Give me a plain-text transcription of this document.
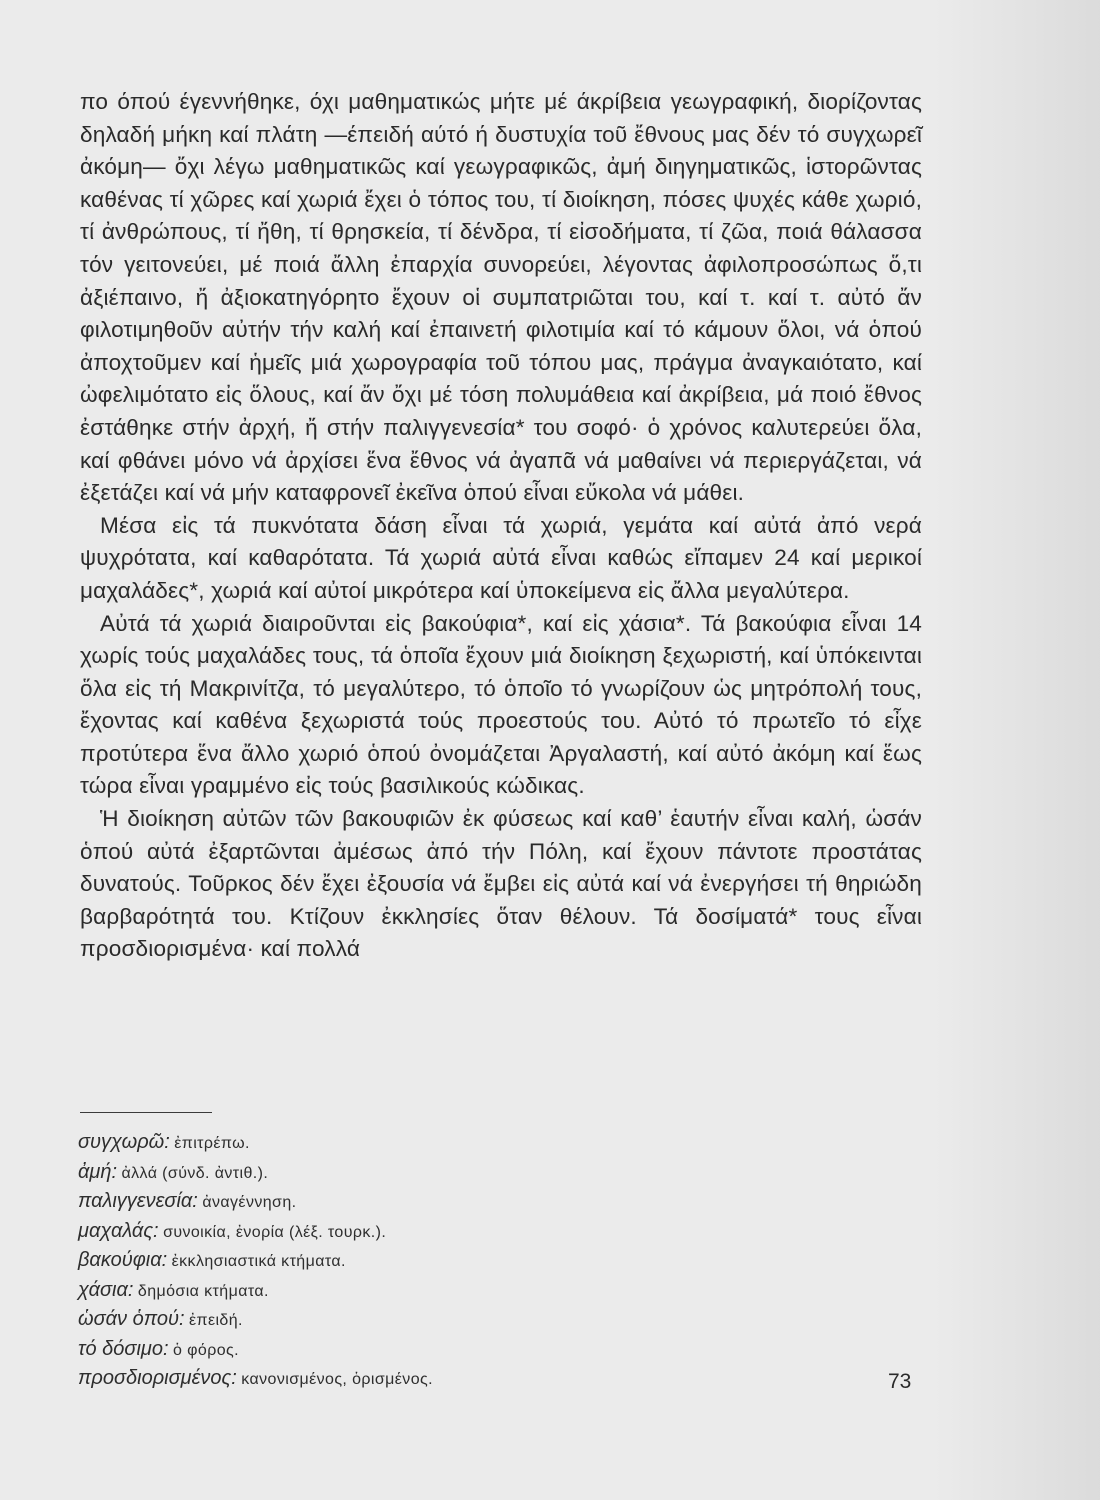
πο όπού έγεννήθηκε, όχι μαθηματικώς μήτε μέ άκρίβεια γεωγραφική, διορίζοντας δηλαδή μήκη καί πλάτη —έπειδή αύτό ή δυστυχία τοῦ ἔθνους μας δέν τό συγχωρεῖ ἀκόμη— ὄχι λέγω μαθηματικῶς καί γεωγραφικῶς, ἀμή διηγηματικῶς, ἱστορῶντας καθένας τί χῶρες καί χωριά ἔχει ὁ τόπος του, τί διοίκηση, πόσες ψυχές κάθε χωριό, τί ἀνθρώπους, τί ἤθη, τί θρησκεία, τί δένδρα, τί εἰσοδήματα, τί ζῶα, ποιά θάλασσα τόν γειτονεύει, μέ ποιά ἄλλη ἐπαρχία συνορεύει, λέγοντας ἀφιλοπροσώπως ὅ,τι ἀξιέπαινο, ἤ ἀξιοκατηγόρητο ἔχουν οἱ συμπατριῶται του, καί τ. καί τ. αὐτό ἄν φιλοτιμηθοῦν αὐτήν τήν καλή καί ἐπαινετή φιλοτιμία καί τό κάμουν ὅλοι, νά ὁπού ἀποχτοῦμεν καί ἡμεῖς μιά χωρογραφία τοῦ τόπου μας, πράγμα ἀναγκαιότατο, καί ὠφελιμότατο εἰς ὅλους, καί ἄν ὄχι μέ τόση πολυμάθεια καί ἀκρίβεια, μά ποιό ἔθνος ἐστάθηκε στήν ἀρχή, ἤ στήν παλιγγενεσία* του σοφό· ὁ χρόνος καλυτερεύει ὅλα, καί φθάνει μόνο νά ἀρχίσει ἕνα ἔθνος νά ἀγαπᾶ νά μαθαίνει νά περιεργάζεται, νά ἐξετάζει καί νά μήν καταφρονεῖ ἐκεῖνα ὁπού εἶναι εὔκολα νά μάθει.

Μέσα εἰς τά πυκνότατα δάση εἶναι τά χωριά, γεμάτα καί αὐτά ἀπό νερά ψυχρότατα, καί καθαρότατα. Τά χωριά αὐτά εἶναι καθώς εἴπαμεν 24 καί μερικοί μαχαλάδες*, χωριά καί αὐτοί μικρότερα καί ὑποκείμενα εἰς ἄλλα μεγαλύτερα.

Αὐτά τά χωριά διαιροῦνται εἰς βακούφια*, καί εἰς χάσια*. Τά βακούφια εἶναι 14 χωρίς τούς μαχαλάδες τους, τά ὁποῖα ἔχουν μιά διοίκηση ξεχωριστή, καί ὑπόκεινται ὅλα εἰς τή Μακρινίτζα, τό μεγαλύτερο, τό ὁποῖο τό γνωρίζουν ὡς μητρόπολή τους, ἔχοντας καί καθένα ξεχωριστά τούς προεστούς του. Αὐτό τό πρωτεῖο τό εἶχε προτύτερα ἕνα ἄλλο χωριό ὁπού ὀνομάζεται Ἀργαλαστή, καί αὐτό ἀκόμη καί ἕως τώρα εἶναι γραμμένο εἰς τούς βασιλικούς κώδικας.

Ἡ διοίκηση αὐτῶν τῶν βακουφιῶν ἐκ φύσεως καί καθ’ ἑαυτήν εἶναι καλή, ὡσάν ὁπού αὐτά ἐξαρτῶνται ἀμέσως ἀπό τήν Πόλη, καί ἔχουν πάντοτε προστάτας δυνατούς. Τοῦρκος δέν ἔχει ἐξουσία νά ἔμβει εἰς αὐτά καί νά ἐνεργήσει τή θηριώδη βαρβαρότητά του. Κτίζουν ἐκκλησίες ὅταν θέλουν. Τά δοσίματά* τους εἶναι προσδιορισμένα· καί πολλά

συγχωρῶ: ἐπιτρέπω.
ἀμή: ἀλλά (σύνδ. ἀντιθ.).
παλιγγενεσία: ἀναγέννηση.
μαχαλάς: συνοικία, ἐνορία (λέξ. τουρκ.).
βακούφια: ἐκκλησιαστικά κτήματα.
χάσια: δημόσια κτήματα.
ὡσάν ὁπού: ἐπειδή.
τό δόσιμο: ὁ φόρος.
προσδιορισμένος: κανονισμένος, ὁρισμένος.	73
